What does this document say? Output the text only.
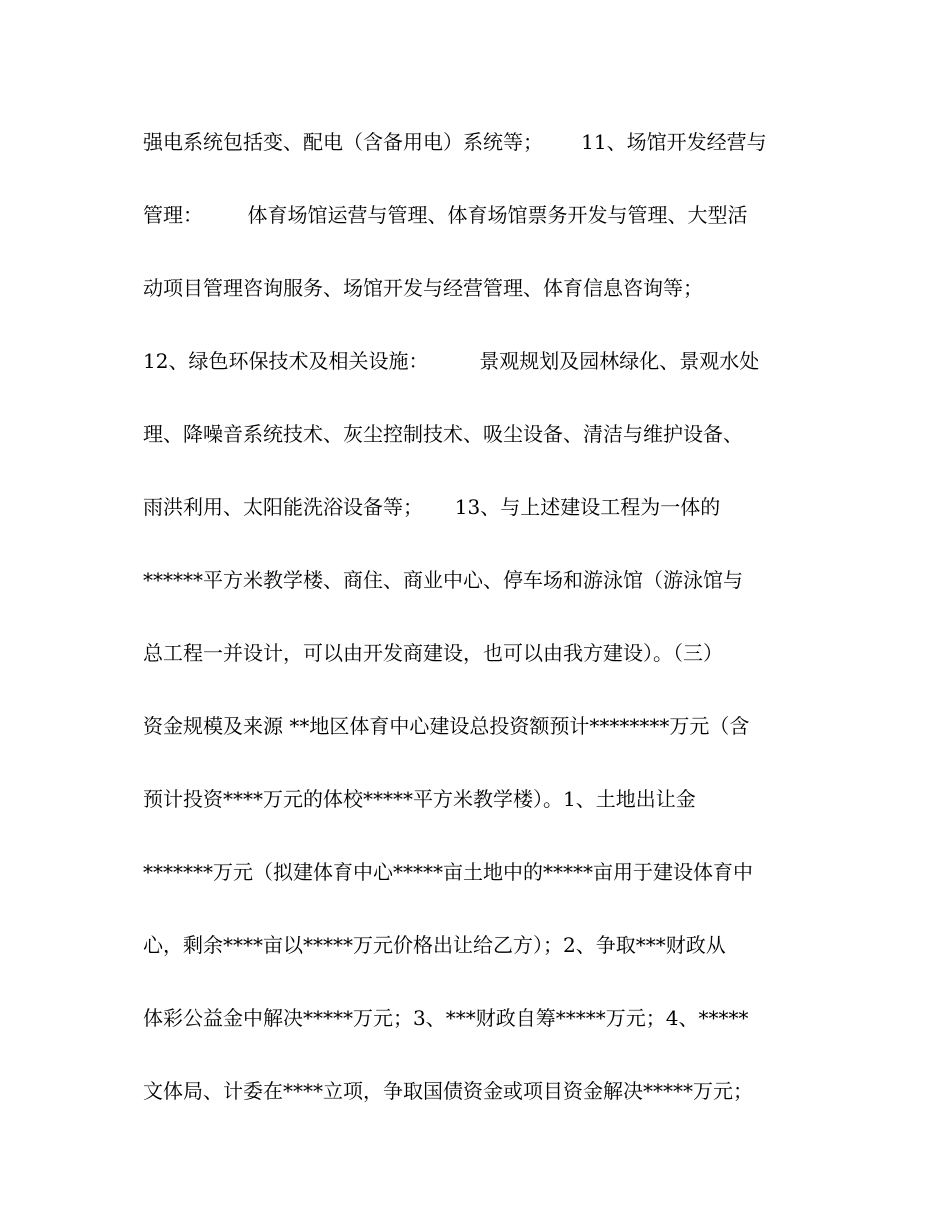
强电系统包括变、配电（含备用电）系统等；      11、场馆开发经营与
管理：       体育场馆运营与管理、体育场馆票务开发与管理、大型活
动项目管理咨询服务、场馆开发与经营管理、体育信息咨询等；
12、绿色环保技术及相关设施：        景观规划及园林绿化、景观水处
理、降噪音系统技术、灰尘控制技术、吸尘设备、清洁与维护设备、
雨洪利用、太阳能洗浴设备等；     13、与上述建设工程为一体的
******平方米教学楼、商住、商业中心、停车场和游泳馆（游泳馆与
总工程一并设计，可以由开发商建设，也可以由我方建设）。（三）
资金规模及来源 **地区体育中心建设总投资额预计********万元（含
预计投资****万元的体校*****平方米教学楼）。1、土地出让金
*******万元（拟建体育中心*****亩土地中的*****亩用于建设体育中
心，剩余****亩以*****万元价格出让给乙方）；2、争取***财政从
体彩公益金中解决*****万元；3、***财政自筹*****万元；4、*****
文体局、计委在****立项，争取国债资金或项目资金解决*****万元；
